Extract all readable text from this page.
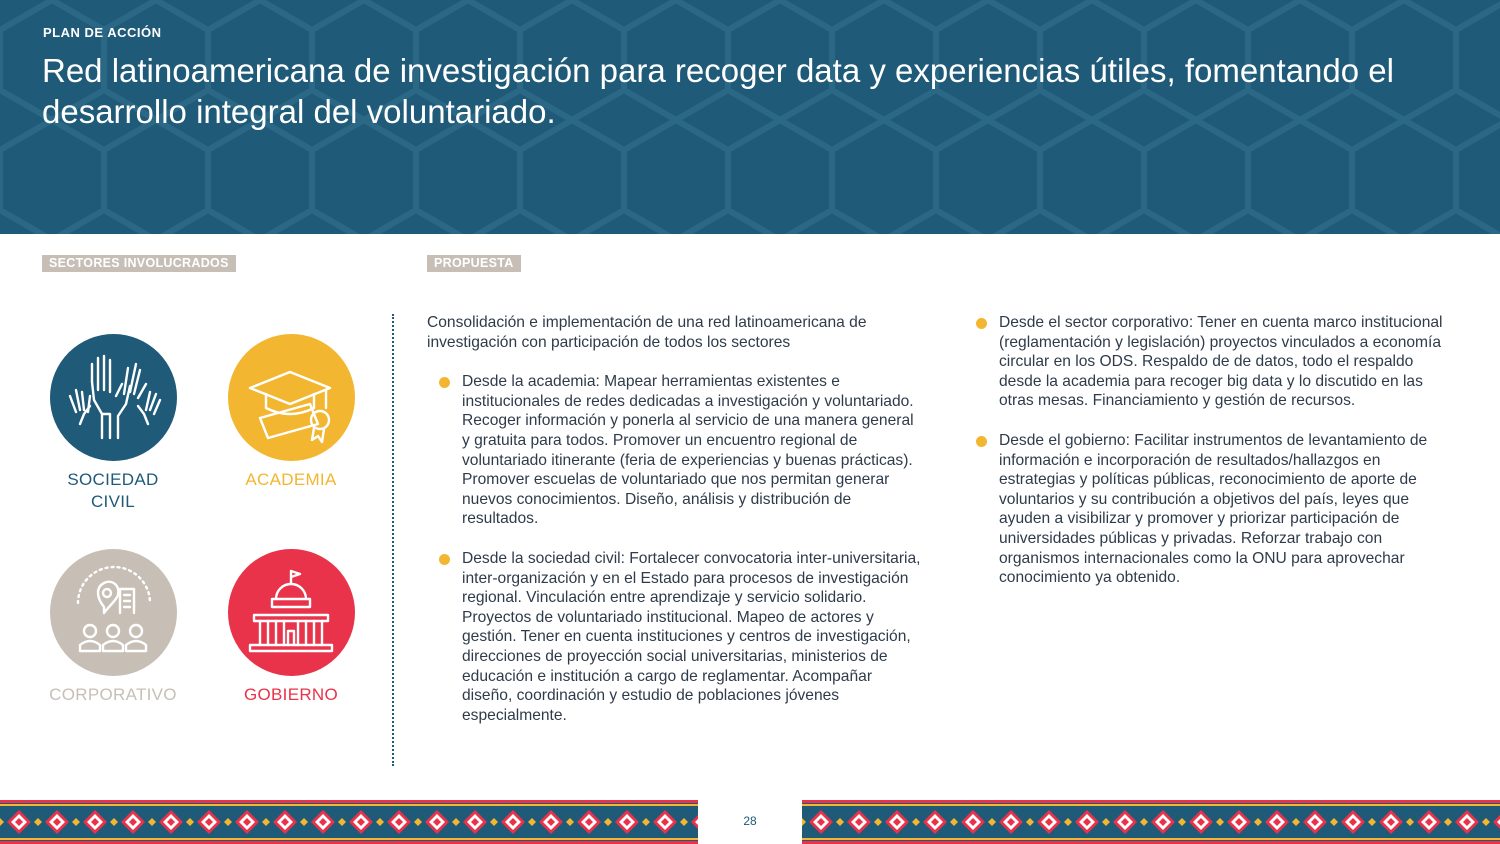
PLAN DE ACCIÓN
Red latinoamericana de investigación para recoger data y experiencias útiles, fomentando el desarrollo integral del voluntariado.
SECTORES INVOLUCRADOS	PROPUESTA
SOCIEDAD CIVIL
ACADEMIA
CORPORATIVO	GOBIERNO

Consolidación e implementación de una red latinoamericana de investigación con participación de todos los sectores

Desde la academia: Mapear herramientas existentes e institucionales de redes dedicadas a investigación y voluntariado. Recoger información y ponerla al servicio de una manera general y gratuita para todos. Promover un encuentro regional de voluntariado itinerante (feria de experiencias y buenas prácticas). Promover escuelas de voluntariado que nos permitan generar nuevos conocimientos. Diseño, análisis y distribución de resultados.

Desde la sociedad civil: Fortalecer convocatoria inter-universitaria, inter-organización y en el Estado para procesos de investigación regional. Vinculación entre aprendizaje y servicio solidario. Proyectos de voluntariado institucional. Mapeo de actores y gestión. Tener en cuenta instituciones y centros de investigación, direcciones de proyección social universitarias, ministerios de educación e institución a cargo de reglamentar. Acompañar diseño, coordinación y estudio de poblaciones jóvenes especialmente.

Desde el sector corporativo: Tener en cuenta marco institucional (reglamentación y legislación) proyectos vinculados a economía circular en los ODS. Respaldo de de datos, todo el respaldo desde la academia para recoger big data y lo discutido en las otras mesas. Financiamiento y gestión de recursos.

Desde el gobierno: Facilitar instrumentos de levantamiento de información e incorporación de resultados/hallazgos en estrategias y políticas públicas, reconocimiento de aporte de voluntarios y su contribución a objetivos del país, leyes que ayuden a visibilizar y promover y priorizar participación de universidades públicas y privadas. Reforzar trabajo con organismos internacionales como la ONU para aprovechar conocimiento ya obtenido.

28
